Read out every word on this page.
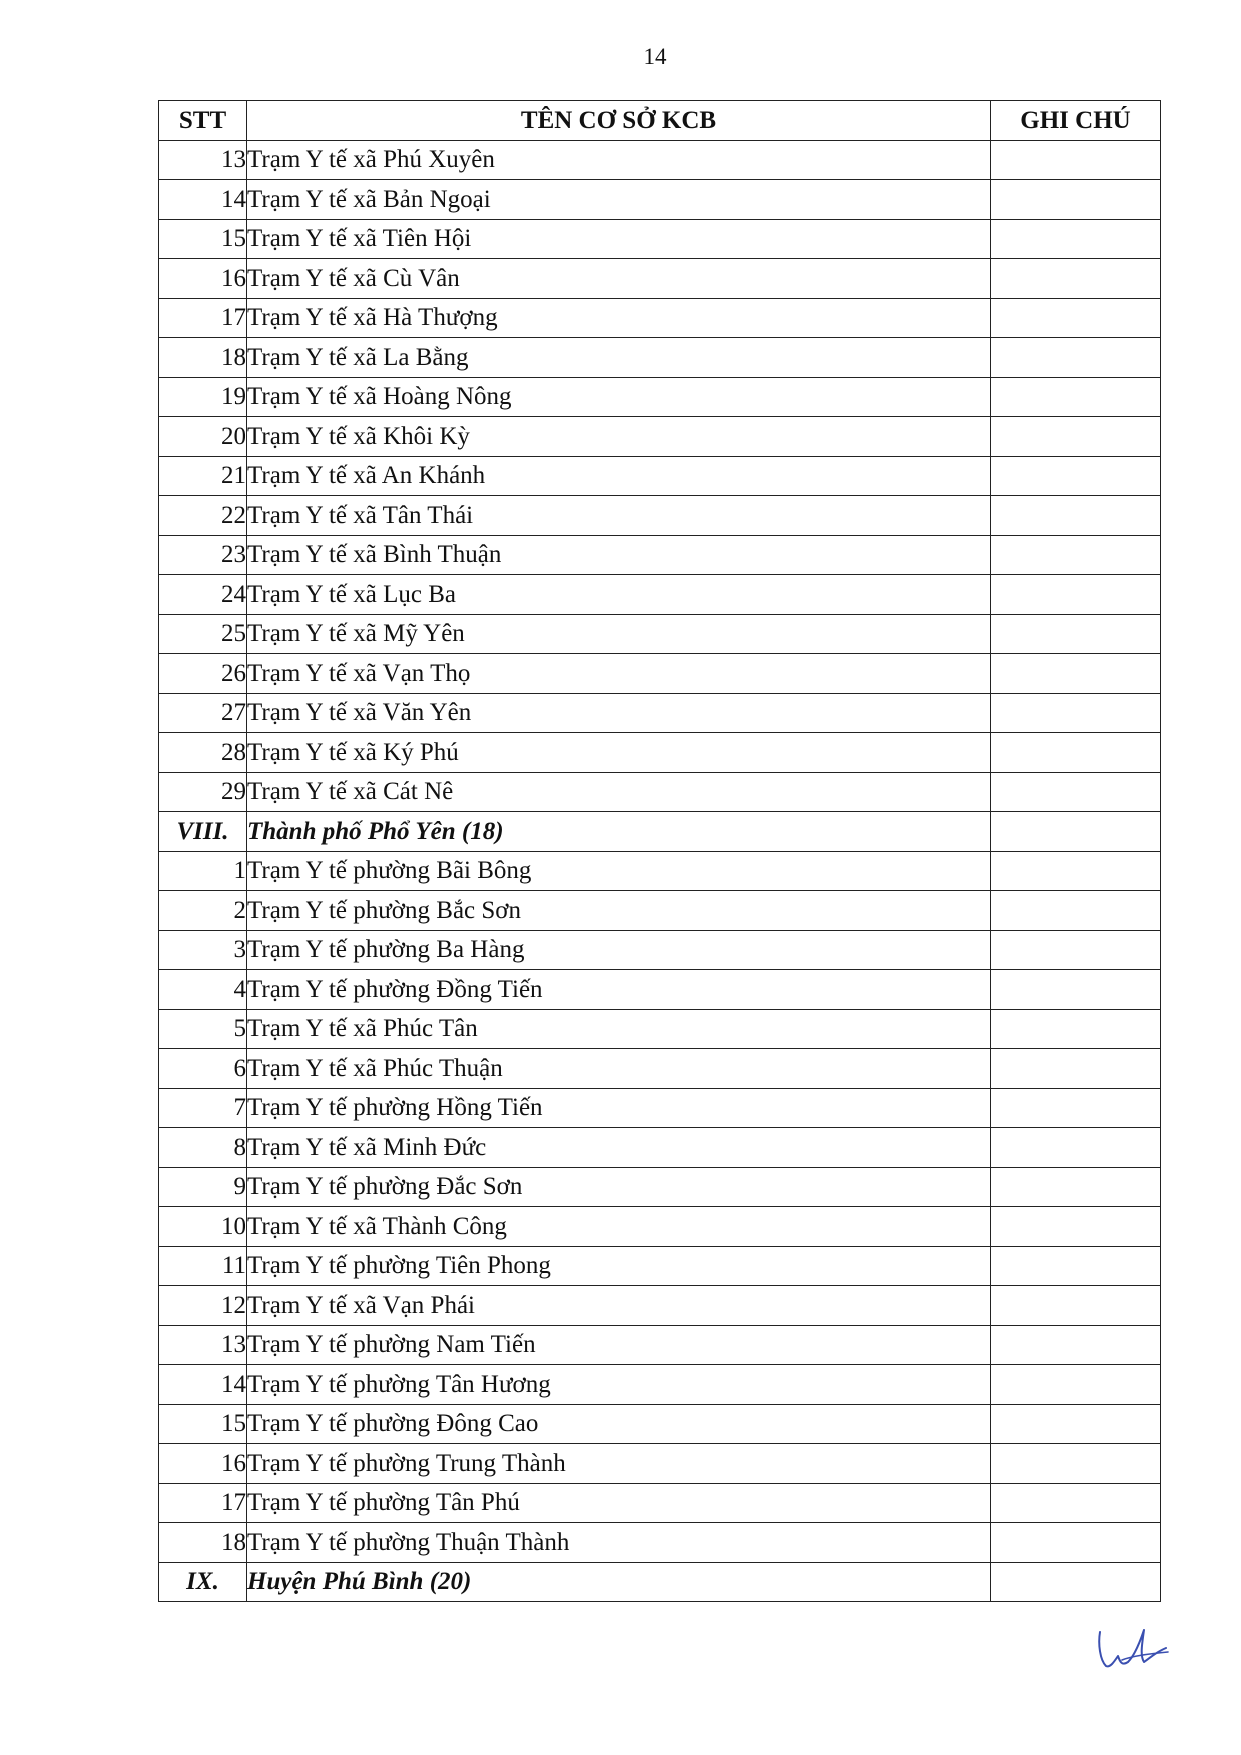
14
STT	TÊN CƠ SỞ KCB	GHI CHÚ
13	Trạm Y tế xã Phú Xuyên	
14	Trạm Y tế xã Bản Ngoại	
15	Trạm Y tế xã Tiên Hội	
16	Trạm Y tế xã Cù Vân	
17	Trạm Y tế xã Hà Thượng	
18	Trạm Y tế xã La Bằng	
19	Trạm Y tế xã Hoàng Nông	
20	Trạm Y tế xã Khôi Kỳ	
21	Trạm Y tế xã An Khánh	
22	Trạm Y tế xã Tân Thái	
23	Trạm Y tế xã Bình Thuận	
24	Trạm Y tế xã Lục Ba	
25	Trạm Y tế xã Mỹ Yên	
26	Trạm Y tế xã Vạn Thọ	
27	Trạm Y tế xã Văn Yên	
28	Trạm Y tế xã Ký Phú	
29	Trạm Y tế xã Cát Nê	
VIII.	Thành phố Phổ Yên (18)	
1	Trạm Y tế phường Bãi Bông	
2	Trạm Y tế phường Bắc Sơn	
3	Trạm Y tế phường Ba Hàng	
4	Trạm Y tế phường Đồng Tiến	
5	Trạm Y tế xã Phúc Tân	
6	Trạm Y tế xã Phúc Thuận	
7	Trạm Y tế phường Hồng Tiến	
8	Trạm Y tế xã Minh Đức	
9	Trạm Y tế phường Đắc Sơn	
10	Trạm Y tế xã Thành Công	
11	Trạm Y tế phường Tiên Phong	
12	Trạm Y tế xã Vạn Phái	
13	Trạm Y tế phường Nam Tiến	
14	Trạm Y tế phường Tân Hương	
15	Trạm Y tế phường Đông Cao	
16	Trạm Y tế phường Trung Thành	
17	Trạm Y tế phường Tân Phú	
18	Trạm Y tế phường Thuận Thành	
IX.	Huyện Phú Bình (20)	
